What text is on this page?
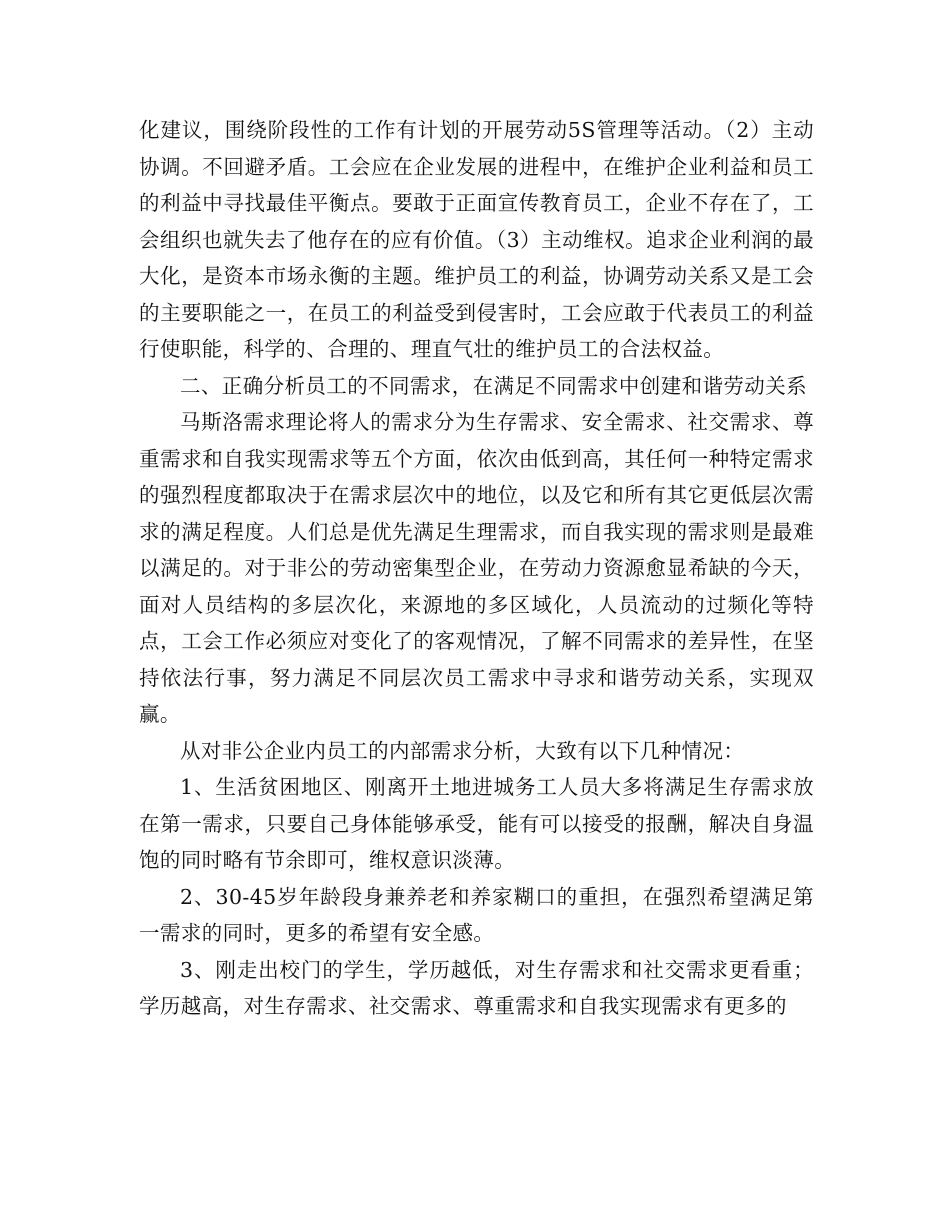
化建议，围绕阶段性的工作有计划的开展劳动5S管理等活动。（2）主动协调。不回避矛盾。工会应在企业发展的进程中，在维护企业利益和员工的利益中寻找最佳平衡点。要敢于正面宣传教育员工，企业不存在了，工会组织也就失去了他存在的应有价值。（3）主动维权。追求企业利润的最大化，是资本市场永衡的主题。维护员工的利益，协调劳动关系又是工会的主要职能之一，在员工的利益受到侵害时，工会应敢于代表员工的利益行使职能，科学的、合理的、理直气壮的维护员工的合法权益。

二、正确分析员工的不同需求，在满足不同需求中创建和谐劳动关系

马斯洛需求理论将人的需求分为生存需求、安全需求、社交需求、尊重需求和自我实现需求等五个方面，依次由低到高，其任何一种特定需求的强烈程度都取决于在需求层次中的地位，以及它和所有其它更低层次需求的满足程度。人们总是优先满足生理需求，而自我实现的需求则是最难以满足的。对于非公的劳动密集型企业，在劳动力资源愈显希缺的今天，面对人员结构的多层次化，来源地的多区域化，人员流动的过频化等特点，工会工作必须应对变化了的客观情况，了解不同需求的差异性，在坚持依法行事，努力满足不同层次员工需求中寻求和谐劳动关系，实现双赢。

从对非公企业内员工的内部需求分析，大致有以下几种情况：

1、生活贫困地区、刚离开土地进城务工人员大多将满足生存需求放在第一需求，只要自己身体能够承受，能有可以接受的报酬，解决自身温饱的同时略有节余即可，维权意识淡薄。

2、30-45岁年龄段身兼养老和养家糊口的重担，在强烈希望满足第一需求的同时，更多的希望有安全感。

3、刚走出校门的学生，学历越低，对生存需求和社交需求更看重；学历越高，对生存需求、社交需求、尊重需求和自我实现需求有更多的
